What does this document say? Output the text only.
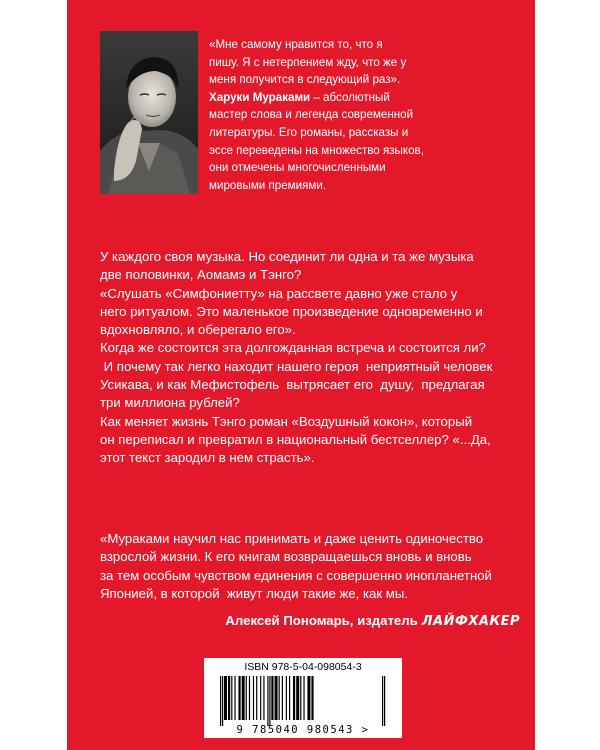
«Мне самому нравится то, что я

пишу. Я с нетерпением жду, что же у

меня получится в следующий раз».

Харуки Мураками – абсолютный

мастер слова и легенда современной

литературы. Его романы, рассказы и

эссе переведены на множество языков,

они отмечены многочисленными

мировыми премиями.

У каждого своя музыка. Но соединит ли одна и та же музыка

две половинки, Аомамэ и Тэнго?

«Слушать «Симфониетту» на рассвете давно уже стало у

него ритуалом. Это маленькое произведение одновременно и

вдохновляло, и оберегало его».

Когда же состоится эта долгожданная встреча и состоится ли?

И почему так легко находит нашего героя  неприятный человек

Усикава, и как Мефистофель  вытрясает его  душу,  предлагая

три миллиона рублей?

Как меняет жизнь Тэнго роман «Воздушный кокон», который

он переписал и превратил в национальный бестселлер? «...Да,

этот текст зародил в нем страсть».

«Мураками научил нас принимать и даже ценить одиночество

взрослой жизни. К его книгам возвращаешься вновь и вновь

за тем особым чувством единения с совершенно инопланетной

Японией, в которой  живут люди такие же, как мы.

Алексей Пономарь, издатель ЛАЙФХАКЕР
ISBN 978-5-04-098054-3
9 785040 980543 >
